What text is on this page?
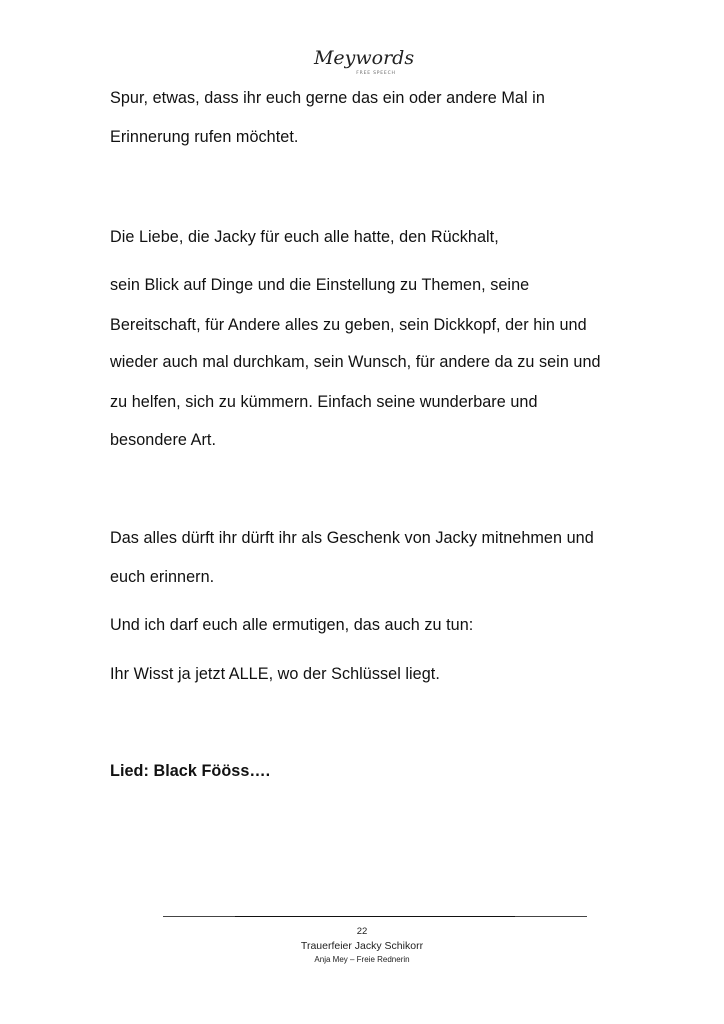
Meywords
FREE SPEECH
Spur, etwas, dass ihr euch gerne das ein oder andere Mal in
Erinnerung rufen möchtet.
Die Liebe, die Jacky für euch alle hatte, den Rückhalt,
sein Blick auf Dinge und die Einstellung zu Themen, seine
Bereitschaft, für Andere alles zu geben, sein Dickkopf, der hin und
wieder auch mal durchkam, sein Wunsch, für andere da zu sein und
zu helfen, sich zu kümmern. Einfach seine wunderbare und
besondere Art.
Das alles dürft ihr dürft ihr als Geschenk von Jacky mitnehmen und
euch erinnern.
Und ich darf euch alle ermutigen, das auch zu tun:
Ihr Wisst ja jetzt ALLE, wo der Schlüssel liegt.
Lied: Black Fööss….
22
Trauerfeier Jacky Schikorr
Anja Mey – Freie Rednerin
